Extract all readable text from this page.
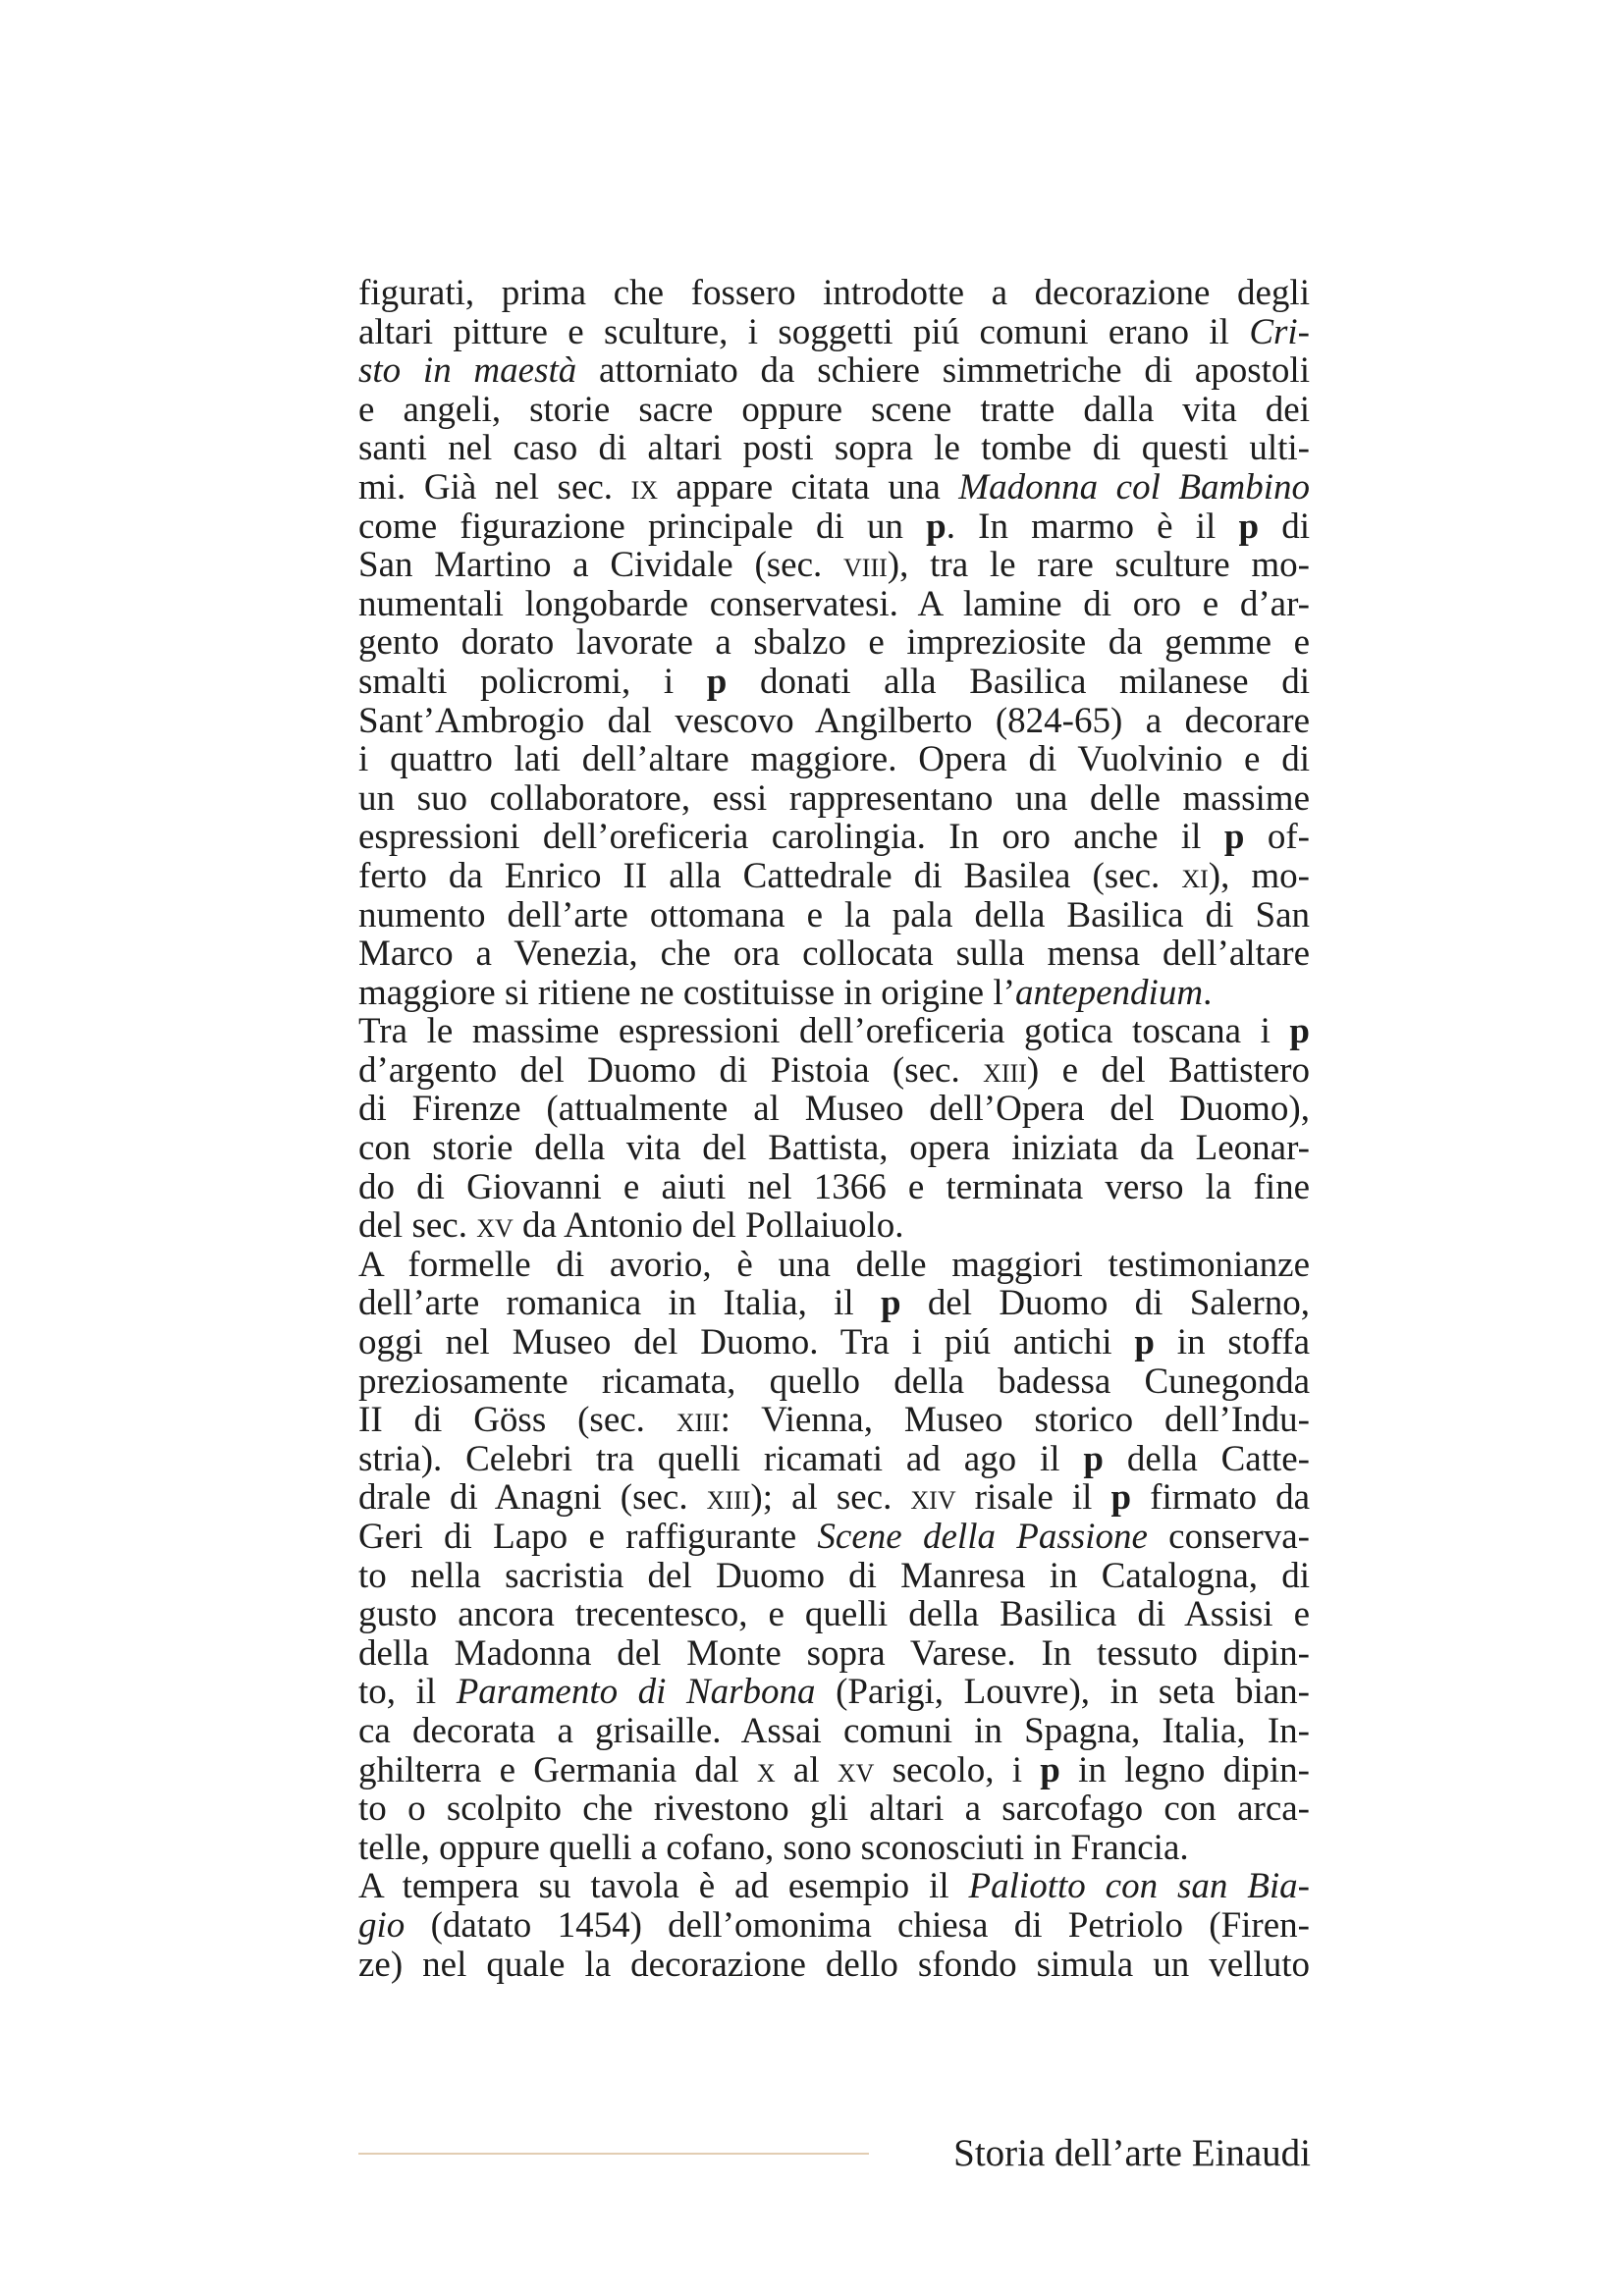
figurati, prima che fossero introdotte a decorazione degli
altari pitture e sculture, i soggetti piú comuni erano il Cri-
sto in maestà attorniato da schiere simmetriche di apostoli
e angeli, storie sacre oppure scene tratte dalla vita dei
santi nel caso di altari posti sopra le tombe di questi ulti-
mi. Già nel sec. ix appare citata una Madonna col Bambino
come figurazione principale di un p. In marmo è il p di
San Martino a Cividale (sec. viii), tra le rare sculture mo-
numentali longobarde conservatesi. A lamine di oro e d’ar-
gento dorato lavorate a sbalzo e impreziosite da gemme e
smalti policromi, i p donati alla Basilica milanese di
Sant’Ambrogio dal vescovo Angilberto (824-65) a decorare
i quattro lati dell’altare maggiore. Opera di Vuolvinio e di
un suo collaboratore, essi rappresentano una delle massime
espressioni dell’oreficeria carolingia. In oro anche il p of-
ferto da Enrico II alla Cattedrale di Basilea (sec. xi), mo-
numento dell’arte ottomana e la pala della Basilica di San
Marco a Venezia, che ora collocata sulla mensa dell’altare
maggiore si ritiene ne costituisse in origine l’antependium.
Tra le massime espressioni dell’oreficeria gotica toscana i p
d’argento del Duomo di Pistoia (sec. xiii) e del Battistero
di Firenze (attualmente al Museo dell’Opera del Duomo),
con storie della vita del Battista, opera iniziata da Leonar-
do di Giovanni e aiuti nel 1366 e terminata verso la fine
del sec. xv da Antonio del Pollaiuolo.
A formelle di avorio, è una delle maggiori testimonianze
dell’arte romanica in Italia, il p del Duomo di Salerno,
oggi nel Museo del Duomo. Tra i piú antichi p in stoffa
preziosamente ricamata, quello della badessa Cunegonda
II di Göss (sec. xiii: Vienna, Museo storico dell’Indu-
stria). Celebri tra quelli ricamati ad ago il p della Catte-
drale di Anagni (sec. xiii); al sec. xiv risale il p firmato da
Geri di Lapo e raffigurante Scene della Passione conserva-
to nella sacristia del Duomo di Manresa in Catalogna, di
gusto ancora trecentesco, e quelli della Basilica di Assisi e
della Madonna del Monte sopra Varese. In tessuto dipin-
to, il Paramento di Narbona (Parigi, Louvre), in seta bian-
ca decorata a grisaille. Assai comuni in Spagna, Italia, In-
ghilterra e Germania dal x al xv secolo, i p in legno dipin-
to o scolpito che rivestono gli altari a sarcofago con arca-
telle, oppure quelli a cofano, sono sconosciuti in Francia.
A tempera su tavola è ad esempio il Paliotto con san Bia-
gio (datato 1454) dell’omonima chiesa di Petriolo (Firen-
ze) nel quale la decorazione dello sfondo simula un velluto
Storia dell’arte Einaudi
